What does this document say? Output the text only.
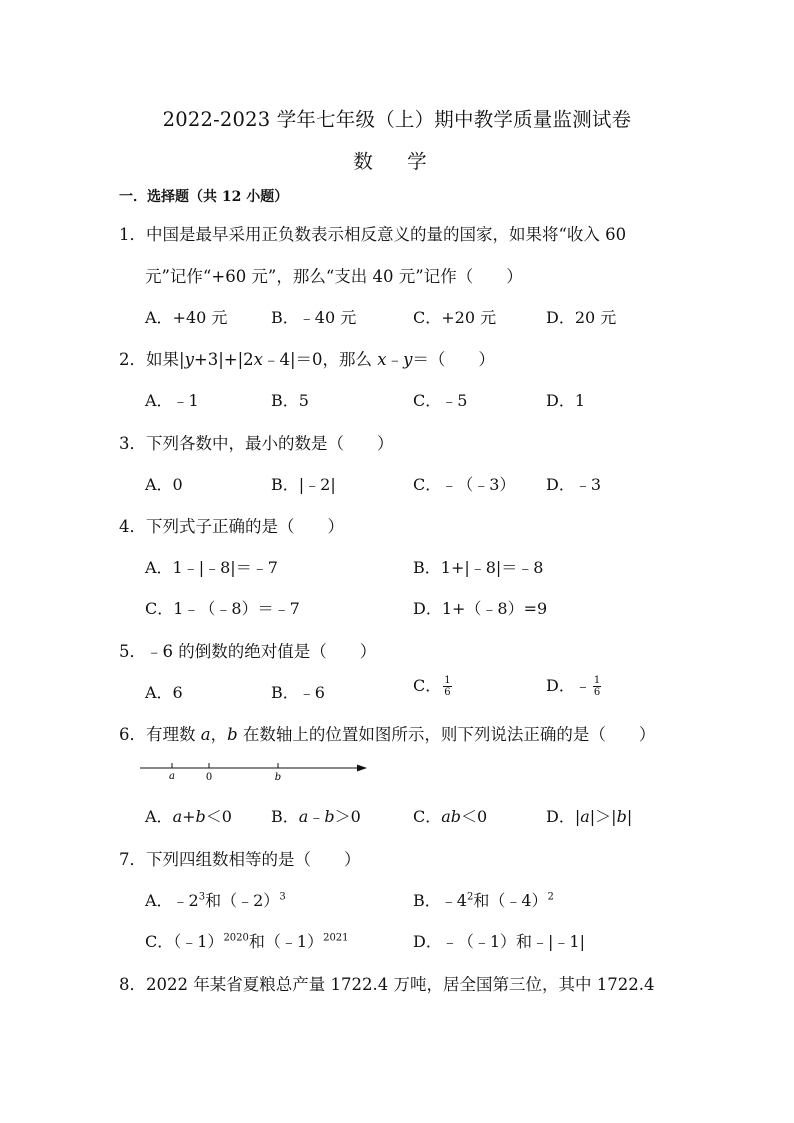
2022-2023 学年七年级（上）期中教学质量监测试卷
数 学
一．选择题（共 12 小题）
1．中国是最早采用正负数表示相反意义的量的国家，如果将“收入 60
元”记作“+60 元”，那么“支出 40 元”记作（　　）
A．+40 元	B．﹣40 元	C．+20 元	D．20 元
2．如果|y+3|+|2x﹣4|＝0，那么 x﹣y＝（　　）
A．﹣1	B．5	C．﹣5	D．1
3．下列各数中，最小的数是（　　）
A．0	B．|﹣2|	C．﹣（﹣3） D．﹣3
4．下列式子正确的是（　　）
A．1﹣|﹣8|＝﹣7	B．1+|﹣8|＝﹣8
C．1﹣（﹣8）＝﹣7	D．1+（﹣8）=9
5．﹣6 的倒数的绝对值是（　　）
A．6	B．﹣6	C． $\frac{1}{6}$	D．﹣ $\frac{1}{6}$
6．有理数 a，b 在数轴上的位置如图所示，则下列说法正确的是（　　）
a	0	b
A．a+b＜0 B．a﹣b＞0	C．ab＜0	D．|a|＞|b|
7．下列四组数相等的是（　　）
A．$﹣2^3$和（﹣2）$^3$	B．$﹣4^2$和（﹣4）$^2$
C．（﹣1）$^{2020}$和（﹣1）$^{2021}$	D．﹣（﹣1）和﹣|﹣1|
8．2022 年某省夏粮总产量 1722.4 万吨，居全国第三位，其中 1722.4
